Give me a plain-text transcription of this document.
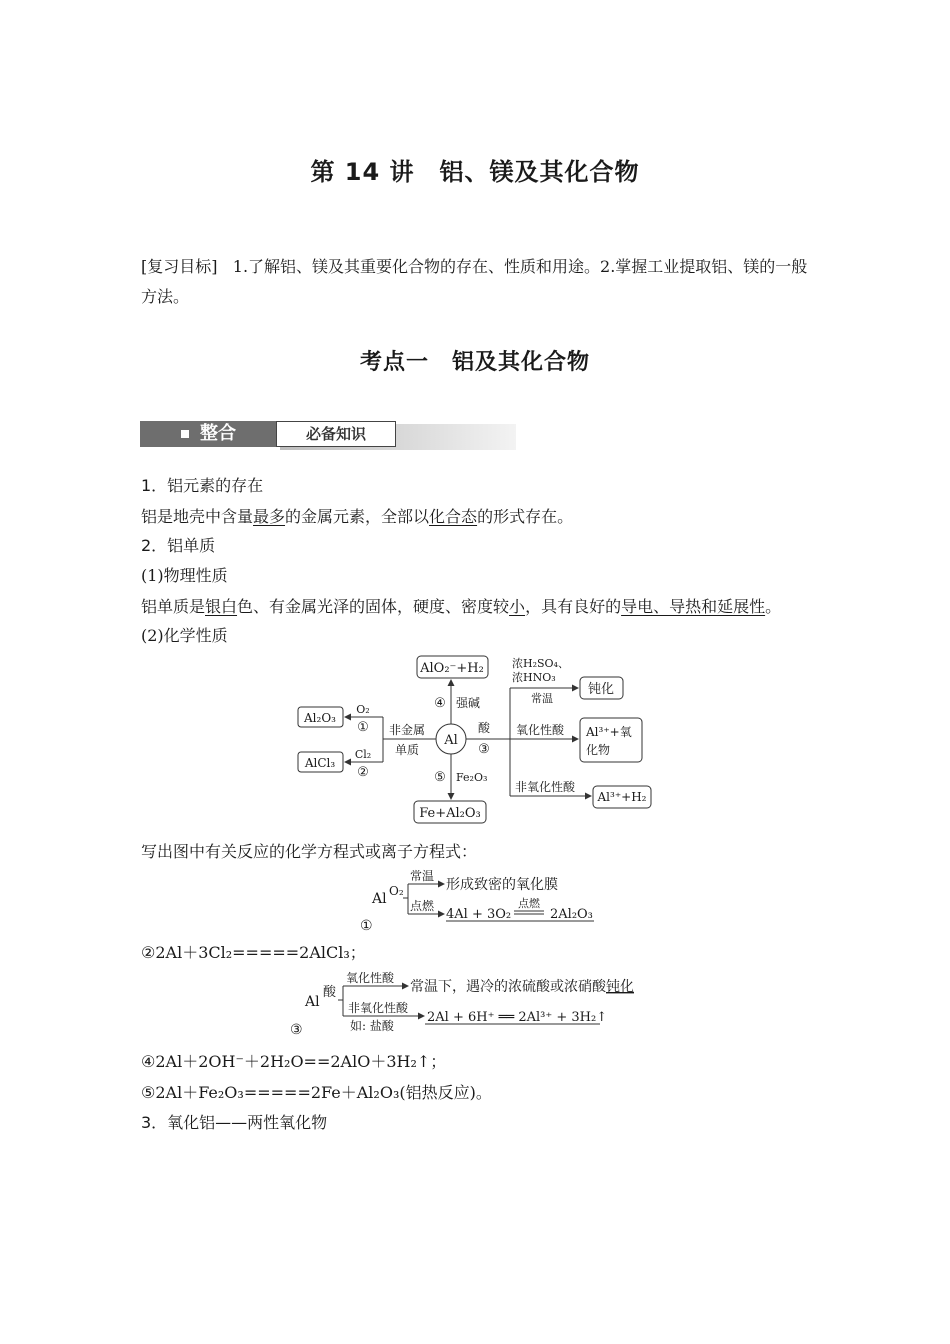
第 14 讲　铝、镁及其化合物
[复习目标] 1.了解铝、镁及其重要化合物的存在、性质和用途。2.掌握工业提取铝、镁的一般方法。
考点一　铝及其化合物
整合	必备知识
1．铝元素的存在
铝是地壳中含量最多的金属元素，全部以化合态的形式存在。
2．铝单质
(1)物理性质
铝单质是银白色、有金属光泽的固体，硬度、密度较小，具有良好的导电、导热和延展性。
(2)化学性质
Al
AlO₂⁻+H₂
④ 强碱
Fe+Al₂O₃
⑤ Fe₂O₃
非金属
单质
Al₂O₃
AlCl₃
O₂
①
Cl₂
②
酸
③
浓H₂SO₄、
浓HNO₃
常温
钝化
氧化性酸 Al³⁺+氧
化物
非氧化性酸
Al³⁺+H₂
写出图中有关反应的化学方程式或离子方程式：
Al O₂
常温
形成致密的氧化膜
点燃
4Al + 3O₂
点燃
2Al₂O₃
①
②2Al＋3Cl₂=====2AlCl₃；
Al
酸
氧化性酸
常温下，遇冷的浓硫酸或浓硝酸钝化
非氧化性酸
如: 盐酸
2Al + 6H⁺ ══ 2Al³⁺ + 3H₂↑
③
④2Al＋2OH⁻＋2H₂O==2AlO＋3H₂↑；
⑤2Al＋Fe₂O₃=====2Fe＋Al₂O₃(铝热反应)。
3．氧化铝——两性氧化物
